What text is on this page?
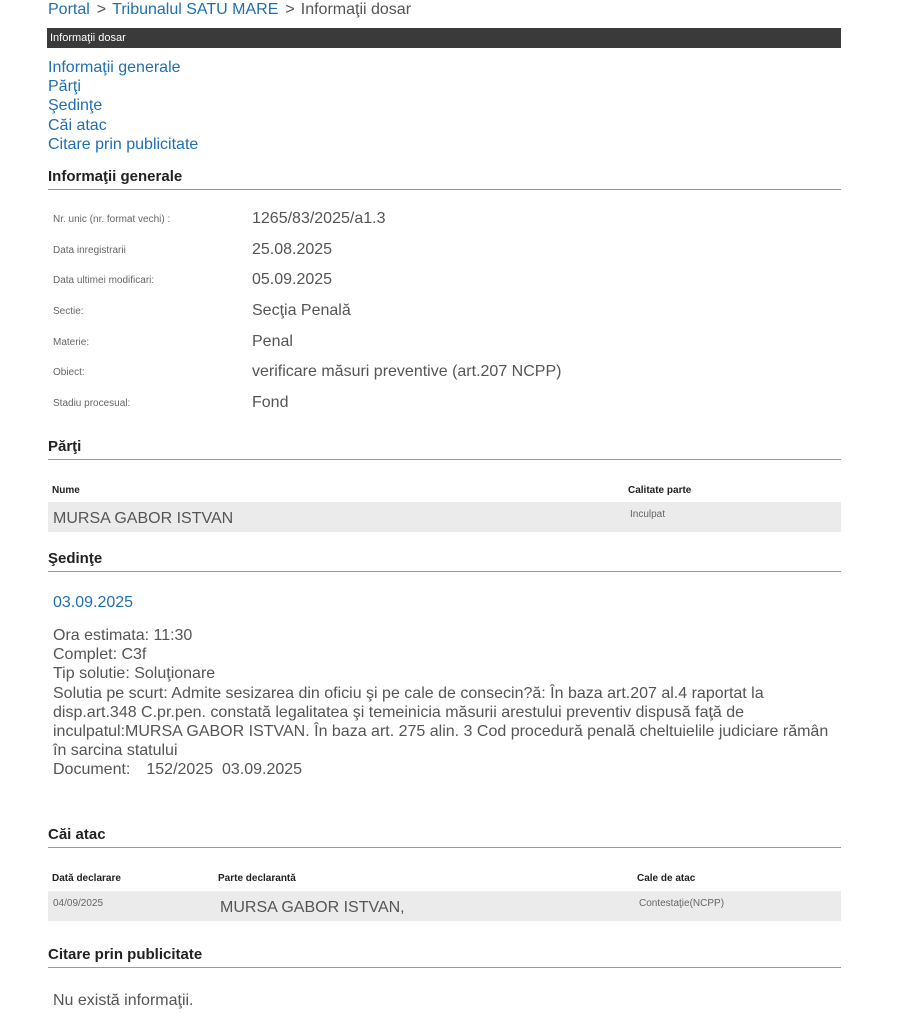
Portal > Tribunalul SATU MARE > Informaţii dosar
Informaţii dosar
Informaţii generale
Părţi
Şedinţe
Căi atac
Citare prin publicitate
Informaţii generale
Nr. unic (nr. format vechi) :	1265/83/2025/a1.3
Data inregistrarii	25.08.2025
Data ultimei modificari:	05.09.2025
Sectie:	Secţia Penală
Materie:	Penal
Obiect:	verificare măsuri preventive (art.207 NCPP)
Stadiu procesual:	Fond
Părţi
Nume	Calitate parte
MURSA GABOR ISTVAN	Inculpat
Şedinţe
03.09.2025
Ora estimata: 11:30
Complet: C3f
Tip solutie: Soluţionare
Solutia pe scurt: Admite sesizarea din oficiu şi pe cale de consecin?ă: În baza art.207 al.4 raportat la disp.art.348 C.pr.pen. constată legalitatea şi temeinicia măsurii arestului preventiv dispusă faţă de inculpatul:MURSA GABOR ISTVAN. În baza art. 275 alin. 3 Cod procedură penală cheltuielile judiciare rămân în sarcina statului
Document: 152/2025 03.09.2025
Căi atac
Dată declarare	Parte declarantă	Cale de atac
04/09/2025	MURSA GABOR ISTVAN,	Contestaţie(NCPP)
Citare prin publicitate
Nu există informaţii.
